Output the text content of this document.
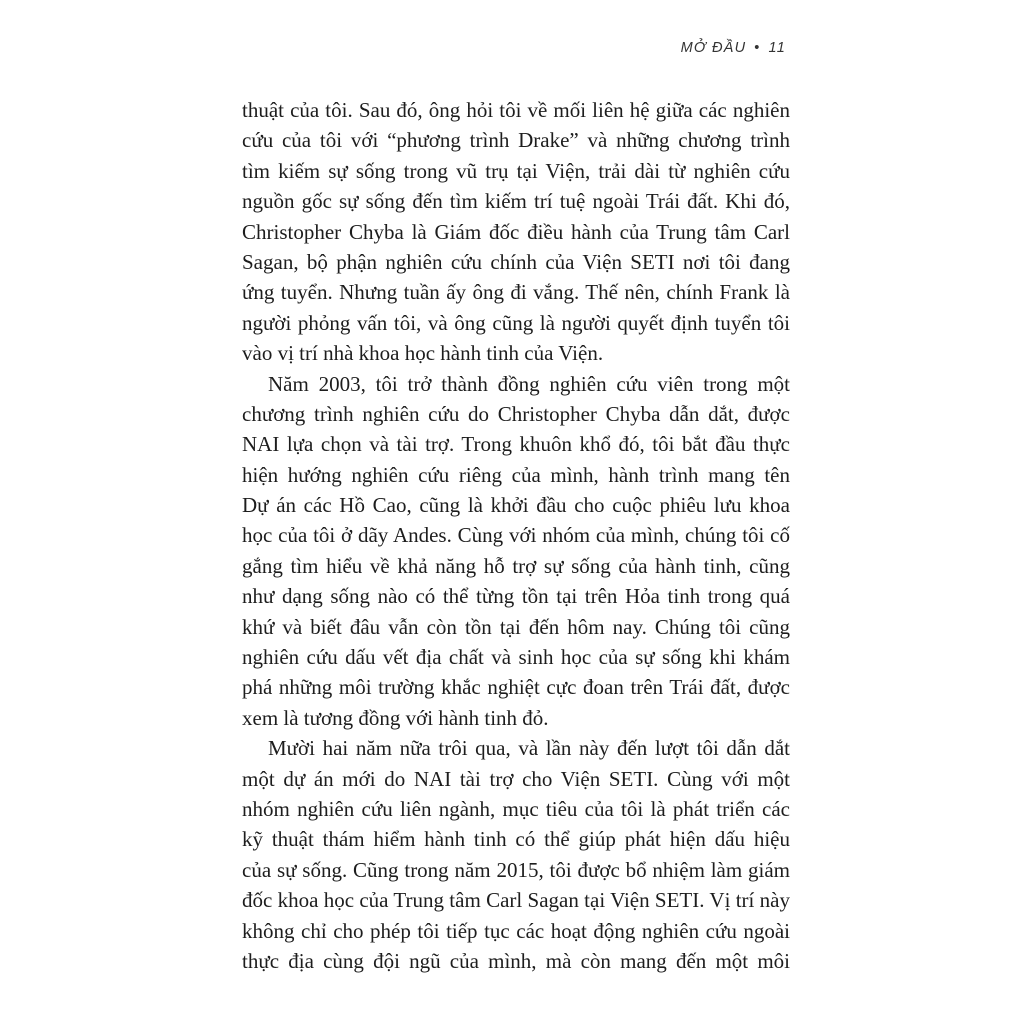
MỞ ĐẦU • 11
thuật của tôi. Sau đó, ông hỏi tôi về mối liên hệ giữa các nghiên
cứu của tôi với “phương trình Drake” và những chương trình
tìm kiếm sự sống trong vũ trụ tại Viện, trải dài từ nghiên cứu
nguồn gốc sự sống đến tìm kiếm trí tuệ ngoài Trái đất. Khi đó,
Christopher Chyba là Giám đốc điều hành của Trung tâm Carl
Sagan, bộ phận nghiên cứu chính của Viện SETI nơi tôi đang
ứng tuyển. Nhưng tuần ấy ông đi vắng. Thế nên, chính Frank là
người phỏng vấn tôi, và ông cũng là người quyết định tuyển tôi
vào vị trí nhà khoa học hành tinh của Viện.
Năm 2003, tôi trở thành đồng nghiên cứu viên trong một
chương trình nghiên cứu do Christopher Chyba dẫn dắt, được
NAI lựa chọn và tài trợ. Trong khuôn khổ đó, tôi bắt đầu thực
hiện hướng nghiên cứu riêng của mình, hành trình mang tên
Dự án các Hồ Cao, cũng là khởi đầu cho cuộc phiêu lưu khoa
học của tôi ở dãy Andes. Cùng với nhóm của mình, chúng tôi cố
gắng tìm hiểu về khả năng hỗ trợ sự sống của hành tinh, cũng
như dạng sống nào có thể từng tồn tại trên Hỏa tinh trong quá
khứ và biết đâu vẫn còn tồn tại đến hôm nay. Chúng tôi cũng
nghiên cứu dấu vết địa chất và sinh học của sự sống khi khám
phá những môi trường khắc nghiệt cực đoan trên Trái đất, được
xem là tương đồng với hành tinh đỏ.
Mười hai năm nữa trôi qua, và lần này đến lượt tôi dẫn dắt
một dự án mới do NAI tài trợ cho Viện SETI. Cùng với một
nhóm nghiên cứu liên ngành, mục tiêu của tôi là phát triển các
kỹ thuật thám hiểm hành tinh có thể giúp phát hiện dấu hiệu
của sự sống. Cũng trong năm 2015, tôi được bổ nhiệm làm giám
đốc khoa học của Trung tâm Carl Sagan tại Viện SETI. Vị trí này
không chỉ cho phép tôi tiếp tục các hoạt động nghiên cứu ngoài
thực địa cùng đội ngũ của mình, mà còn mang đến một môi
